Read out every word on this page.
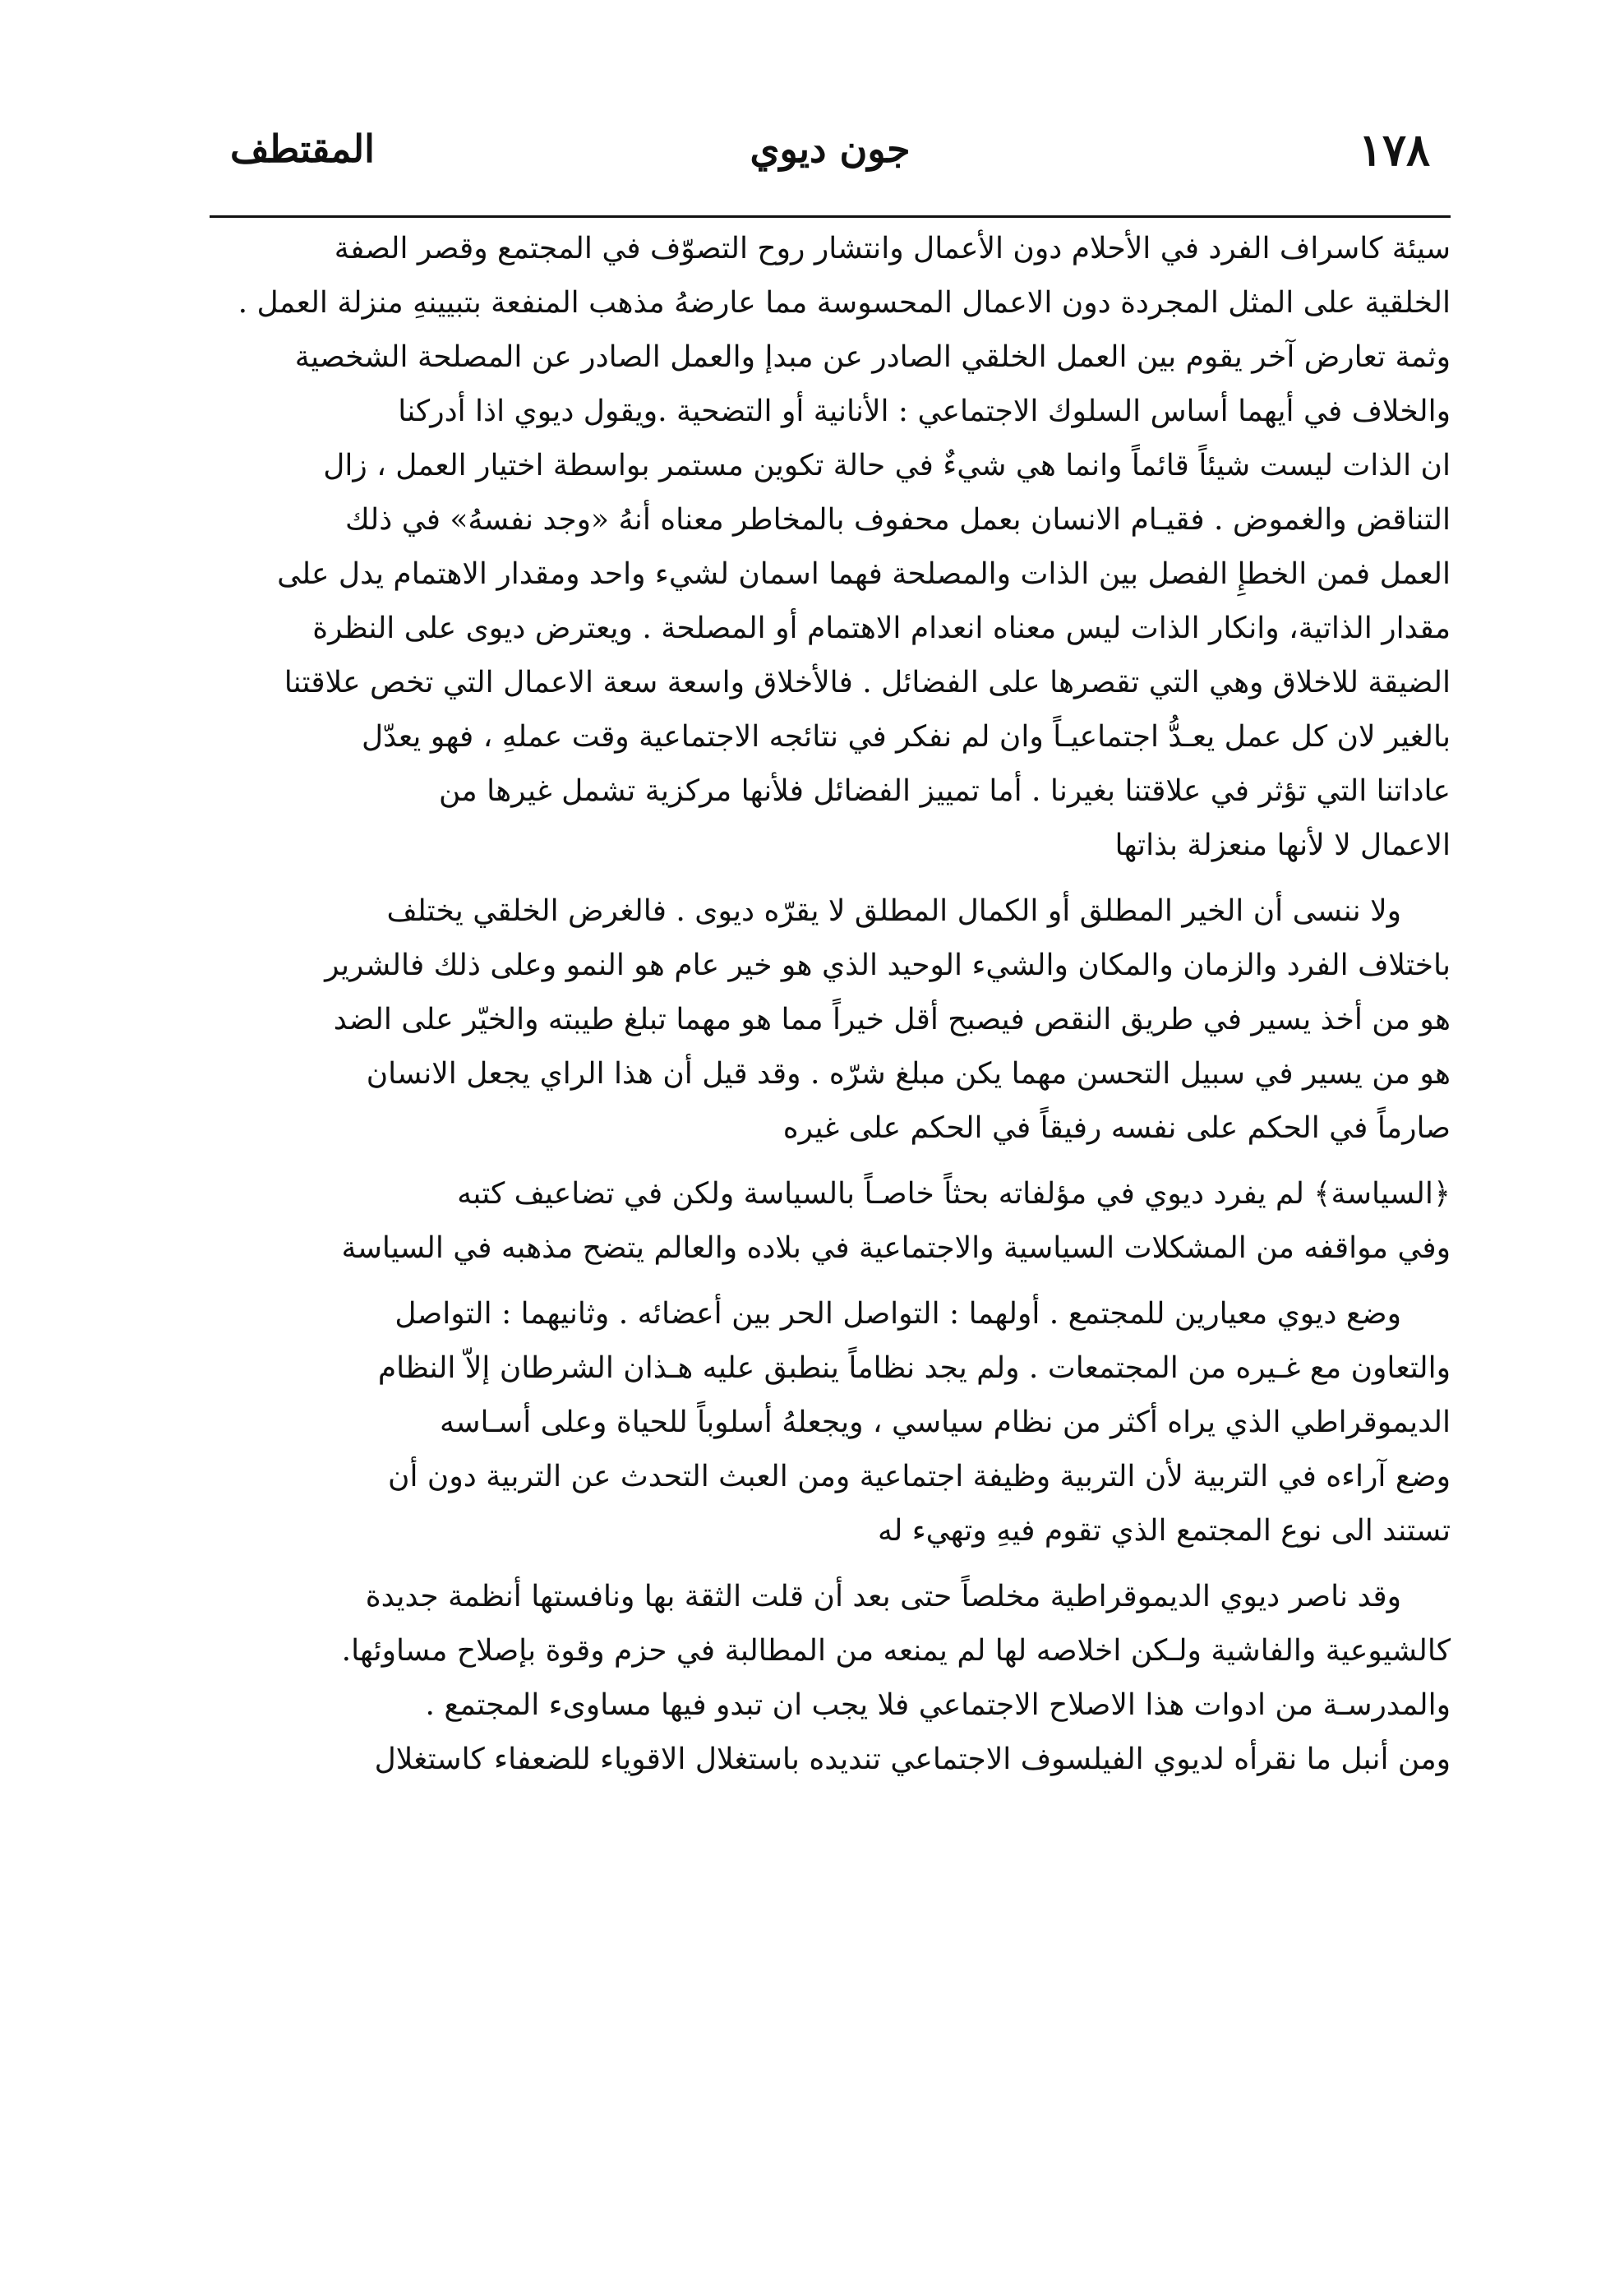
١٧٨
جون ديوي
المقتطف
سيئة كاسراف الفرد في الأحلام دون الأعمال وانتشار روح التصوّف في المجتمع وقصر الصفة
الخلقية على المثل المجردة دون الاعمال المحسوسة مما عارضهُ مذهب المنفعة بتبيينهِ منزلة العمل .
وثمة تعارض آخر يقوم بين العمل الخلقي الصادر عن مبدإ والعمل الصادر عن المصلحة الشخصية
والخلاف في أيهما أساس السلوك الاجتماعي : الأنانية أو التضحية .ويقول ديوي اذا أدركنا
ان الذات ليست شيئاً قائماً وانما هي شيءٌ في حالة تكوين مستمر بواسطة اختيار العمل ، زال
التناقض والغموض . فقيـام الانسان بعمل محفوف بالمخاطر معناه أنهُ «وجد نفسهُ» في ذلك
العمل فمن الخطإِ الفصل بين الذات والمصلحة فهما اسمان لشيء واحد ومقدار الاهتمام يدل على
مقدار الذاتية، وانكار الذات ليس معناه انعدام الاهتمام أو المصلحة . ويعترض ديوى على النظرة
الضيقة للاخلاق وهي التي تقصرها على الفضائل . فالأخلاق واسعة سعة الاعمال التي تخص علاقتنا
بالغير لان كل عمل يعـدُّ اجتماعيـاً وان لم نفكر في نتائجه الاجتماعية وقت عملهِ ، فهو يعدّل
عاداتنا التي تؤثر في علاقتنا بغيرنا . أما تمييز الفضائل فلأنها مركزية تشمل غيرها من
الاعمال لا لأنها منعزلة بذاتها
ولا ننسى أن الخير المطلق أو الكمال المطلق لا يقرّه ديوى . فالغرض الخلقي يختلف
باختلاف الفرد والزمان والمكان والشيء الوحيد الذي هو خير عام هو النمو وعلى ذلك فالشرير
هو من أخذ يسير في طريق النقص فيصبح أقل خيراً مما هو مهما تبلغ طيبته والخيّر على الضد
هو من يسير في سبيل التحسن مهما يكن مبلغ شرّه . وقد قيل أن هذا الراي يجعل الانسان
صارماً في الحكم على نفسه رفيقاً في الحكم على غيره
﴿السياسة﴾ لم يفرد ديوي في مؤلفاته بحثاً خاصـاً بالسياسة ولكن في تضاعيف كتبه
وفي مواقفه من المشكلات السياسية والاجتماعية في بلاده والعالم يتضح مذهبه في السياسة
وضع ديوي معيارين للمجتمع . أولهما : التواصل الحر بين أعضائه . وثانيهما : التواصل
والتعاون مع غـيره من المجتمعات . ولم يجد نظاماً ينطبق عليه هـذان الشرطان إلاّ النظام
الديموقراطي الذي يراه أكثر من نظام سياسي ، ويجعلهُ أسلوباً للحياة وعلى أسـاسه
وضع آراءه في التربية لأن التربية وظيفة اجتماعية ومن العبث التحدث عن التربية دون أن
تستند الى نوع المجتمع الذي تقوم فيهِ وتهيء له
وقد ناصر ديوي الديموقراطية مخلصاً حتى بعد أن قلت الثقة بها ونافستها أنظمة جديدة
كالشيوعية والفاشية ولـكن اخلاصه لها لم يمنعه من المطالبة في حزم وقوة بإصلاح مساوئها.
والمدرسـة من ادوات هذا الاصلاح الاجتماعي فلا يجب ان تبدو فيها مساوىء المجتمع .
ومن أنبل ما نقرأه لديوي الفيلسوف الاجتماعي تنديده باستغلال الاقوياء للضعفاء كاستغلال
